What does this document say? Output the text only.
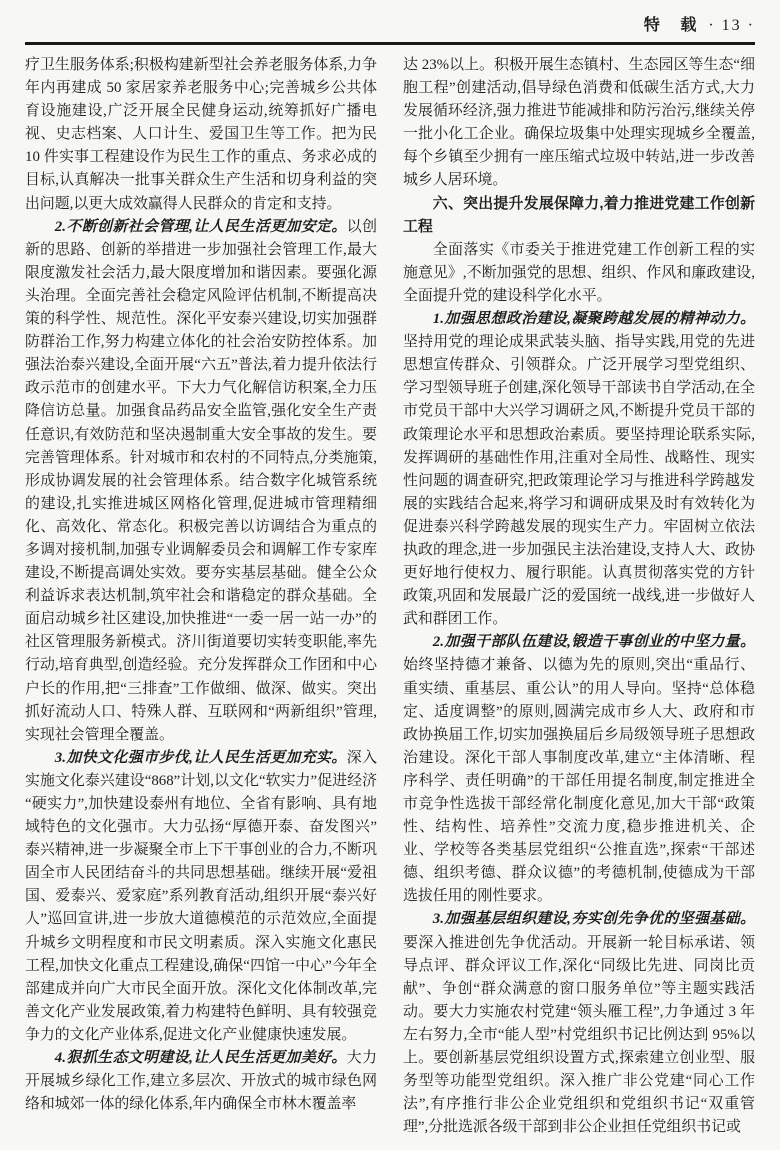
特 载 · 13 ·

疗卫生服务体系;积极构建新型社会养老服务体系,力争年内再建成 50 家居家养老服务中心;完善城乡公共体育设施建设,广泛开展全民健身运动,统筹抓好广播电视、史志档案、人口计生、爱国卫生等工作。把为民10 件实事工程建设作为民生工作的重点、务求必成的目标,认真解决一批事关群众生产生活和切身利益的突出问题,以更大成效赢得人民群众的肯定和支持。

2.不断创新社会管理,让人民生活更加安定。以创新的思路、创新的举措进一步加强社会管理工作,最大限度激发社会活力,最大限度增加和谐因素。要强化源头治理。全面完善社会稳定风险评估机制,不断提高决策的科学性、规范性。深化平安泰兴建设,切实加强群防群治工作,努力构建立体化的社会治安防控体系。加强法治泰兴建设,全面开展“六五”普法,着力提升依法行政示范市的创建水平。下大力气化解信访积案,全力压降信访总量。加强食品药品安全监管,强化安全生产责任意识,有效防范和坚决遏制重大安全事故的发生。要完善管理体系。针对城市和农村的不同特点,分类施策,形成协调发展的社会管理体系。结合数字化城管系统的建设,扎实推进城区网格化管理,促进城市管理精细化、高效化、常态化。积极完善以访调结合为重点的多调对接机制,加强专业调解委员会和调解工作专家库建设,不断提高调处实效。要夯实基层基础。健全公众利益诉求表达机制,筑牢社会和谐稳定的群众基础。全面启动城乡社区建设,加快推进“一委一居一站一办”的社区管理服务新模式。济川街道要切实转变职能,率先行动,培育典型,创造经验。充分发挥群众工作团和中心户长的作用,把“三排查”工作做细、做深、做实。突出抓好流动人口、特殊人群、互联网和“两新组织”管理,实现社会管理全覆盖。

3.加快文化强市步伐,让人民生活更加充实。深入实施文化泰兴建设“868”计划,以文化“软实力”促进经济“硬实力”,加快建设泰州有地位、全省有影响、具有地域特色的文化强市。大力弘扬“厚德开泰、奋发图兴”泰兴精神,进一步凝聚全市上下干事创业的合力,不断巩固全市人民团结奋斗的共同思想基础。继续开展“爱祖国、爱泰兴、爱家庭”系列教育活动,组织开展“泰兴好人”巡回宣讲,进一步放大道德模范的示范效应,全面提升城乡文明程度和市民文明素质。深入实施文化惠民工程,加快文化重点工程建设,确保“四馆一中心”今年全部建成并向广大市民全面开放。深化文化体制改革,完善文化产业发展政策,着力构建特色鲜明、具有较强竞争力的文化产业体系,促进文化产业健康快速发展。

4.狠抓生态文明建设,让人民生活更加美好。大力开展城乡绿化工作,建立多层次、开放式的城市绿色网络和城郊一体的绿化体系,年内确保全市林木覆盖率

达 23%以上。积极开展生态镇村、生态园区等生态“细胞工程”创建活动,倡导绿色消费和低碳生活方式,大力发展循环经济,强力推进节能减排和防污治污,继续关停一批小化工企业。确保垃圾集中处理实现城乡全覆盖,每个乡镇至少拥有一座压缩式垃圾中转站,进一步改善城乡人居环境。

六、突出提升发展保障力,着力推进党建工作创新工程

全面落实《市委关于推进党建工作创新工程的实施意见》,不断加强党的思想、组织、作风和廉政建设,全面提升党的建设科学化水平。

1.加强思想政治建设,凝聚跨越发展的精神动力。坚持用党的理论成果武装头脑、指导实践,用党的先进思想宣传群众、引领群众。广泛开展学习型党组织、学习型领导班子创建,深化领导干部读书自学活动,在全市党员干部中大兴学习调研之风,不断提升党员干部的政策理论水平和思想政治素质。要坚持理论联系实际,发挥调研的基础性作用,注重对全局性、战略性、现实性问题的调查研究,把政策理论学习与推进科学跨越发展的实践结合起来,将学习和调研成果及时有效转化为促进泰兴科学跨越发展的现实生产力。牢固树立依法执政的理念,进一步加强民主法治建设,支持人大、政协更好地行使权力、履行职能。认真贯彻落实党的方针政策,巩固和发展最广泛的爱国统一战线,进一步做好人武和群团工作。

2.加强干部队伍建设,锻造干事创业的中坚力量。始终坚持德才兼备、以德为先的原则,突出“重品行、重实绩、重基层、重公认”的用人导向。坚持“总体稳定、适度调整”的原则,圆满完成市乡人大、政府和市政协换届工作,切实加强换届后乡局级领导班子思想政治建设。深化干部人事制度改革,建立“主体清晰、程序科学、责任明确”的干部任用提名制度,制定推进全市竞争性选拔干部经常化制度化意见,加大干部“政策性、结构性、培养性”交流力度,稳步推进机关、企业、学校等各类基层党组织“公推直选”,探索“干部述德、组织考德、群众议德”的考德机制,使德成为干部选拔任用的刚性要求。

3.加强基层组织建设,夯实创先争优的坚强基础。要深入推进创先争优活动。开展新一轮目标承诺、领导点评、群众评议工作,深化“同级比先进、同岗比贡献”、争创“群众满意的窗口服务单位”等主题实践活动。要大力实施农村党建“领头雁工程”,力争通过 3 年左右努力,全市“能人型”村党组织书记比例达到 95%以上。要创新基层党组织设置方式,探索建立创业型、服务型等功能型党组织。深入推广非公党建“同心工作法”,有序推行非公企业党组织和党组织书记“双重管理”,分批选派各级干部到非公企业担任党组织书记或
